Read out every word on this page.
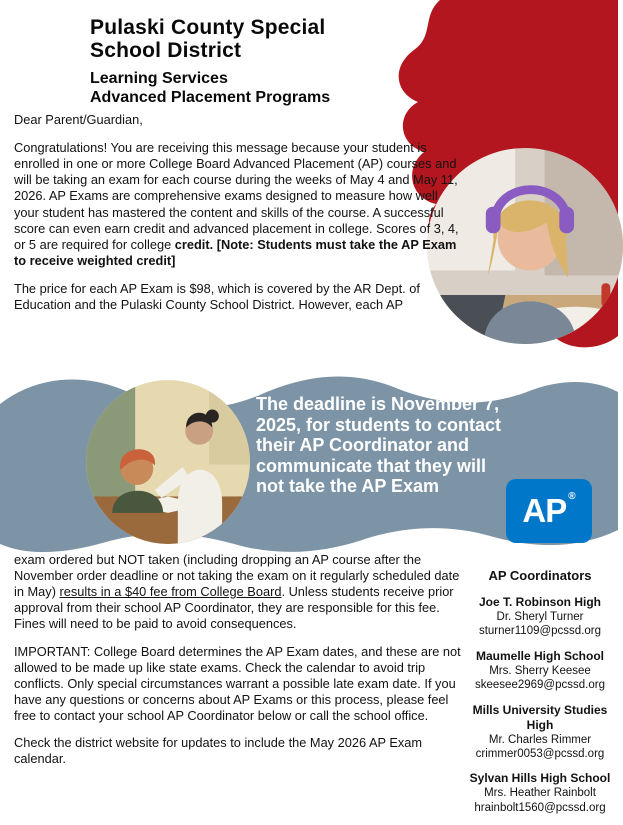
Pulaski County Special
School District
Learning Services
Advanced Placement Programs

Dear Parent/Guardian,

Congratulations! You are receiving this message because your student is enrolled in one or more College Board Advanced Placement (AP) courses and will be taking an exam for each course during the weeks of May 4 and May 11, 2026. AP Exams are comprehensive exams designed to measure how well your student has mastered the content and skills of the course. A successful score can even earn credit and advanced placement in college. Scores of 3, 4, or 5 are required for college credit. [Note: Students must take the AP Exam to receive weighted credit]

The price for each AP Exam is $98, which is covered by the AR Dept. of Education and the Pulaski County School District. However, each AP

The deadline is November 7, 2025, for students to contact their AP Coordinator and communicate that they will not take the AP Exam
AP ®

exam ordered but NOT taken (including dropping an AP course after the November order deadline or not taking the exam on it regularly scheduled date in May) results in a $40 fee from College Board. Unless students receive prior approval from their school AP Coordinator, they are responsible for this fee. Fines will need to be paid to avoid consequences.

IMPORTANT: College Board determines the AP Exam dates, and these are not allowed to be made up like state exams. Check the calendar to avoid trip conflicts. Only special circumstances warrant a possible late exam date. If you have any questions or concerns about AP Exams or this process, please feel free to contact your school AP Coordinator below or call the school office.

Check the district website for updates to include the May 2026 AP Exam calendar.

AP Coordinators
Joe T. Robinson High
Dr. Sheryl Turner
sturner1109@pcssd.org
Maumelle High School
Mrs. Sherry Keesee
skeesee2969@pcssd.org
Mills University Studies High
Mr. Charles Rimmer
crimmer0053@pcssd.org
Sylvan Hills High School
Mrs. Heather Rainbolt
hrainbolt1560@pcssd.org
